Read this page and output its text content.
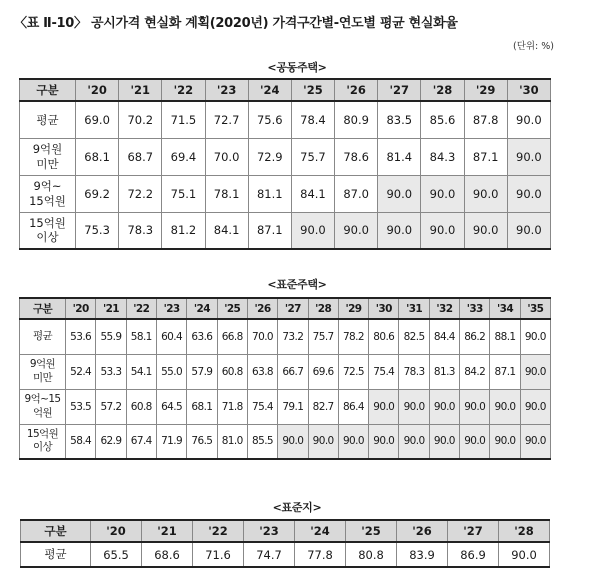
〈표 Ⅱ-10〉 공시가격 현실화 계획(2020년) 가격구간별-연도별 평균 현실화율
(단위: %)
<공동주택>
구분	'20	'21	'22	'23	'24	'25	'26	'27	'28	'29	'30
평균	69.0	70.2	71.5	72.7	75.6	78.4	80.9	83.5	85.6	87.8	90.0
9억원
미만	68.1	68.7	69.4	70.0	72.9	75.7	78.6	81.4	84.3	87.1	90.0
9억~
15억원	69.2	72.2	75.1	78.1	81.1	84.1	87.0	90.0	90.0	90.0	90.0
15억원
이상	75.3	78.3	81.2	84.1	87.1	90.0	90.0	90.0	90.0	90.0	90.0
<표준주택>
구분	'20	'21	'22	'23	'24	'25	'26	'27	'28	'29	'30	'31	'32	'33	'34	'35
평균	53.6	55.9	58.1	60.4	63.6	66.8	70.0	73.2	75.7	78.2	80.6	82.5	84.4	86.2	88.1	90.0
9억원
미만	52.4	53.3	54.1	55.0	57.9	60.8	63.8	66.7	69.6	72.5	75.4	78.3	81.3	84.2	87.1	90.0
9억~15
억원	53.5	57.2	60.8	64.5	68.1	71.8	75.4	79.1	82.7	86.4	90.0	90.0	90.0	90.0	90.0	90.0
15억원
이상	58.4	62.9	67.4	71.9	76.5	81.0	85.5	90.0	90.0	90.0	90.0	90.0	90.0	90.0	90.0	90.0
<표준지>
구분	'20	'21	'22	'23	'24	'25	'26	'27	'28
평균	65.5	68.6	71.6	74.7	77.8	80.8	83.9	86.9	90.0
